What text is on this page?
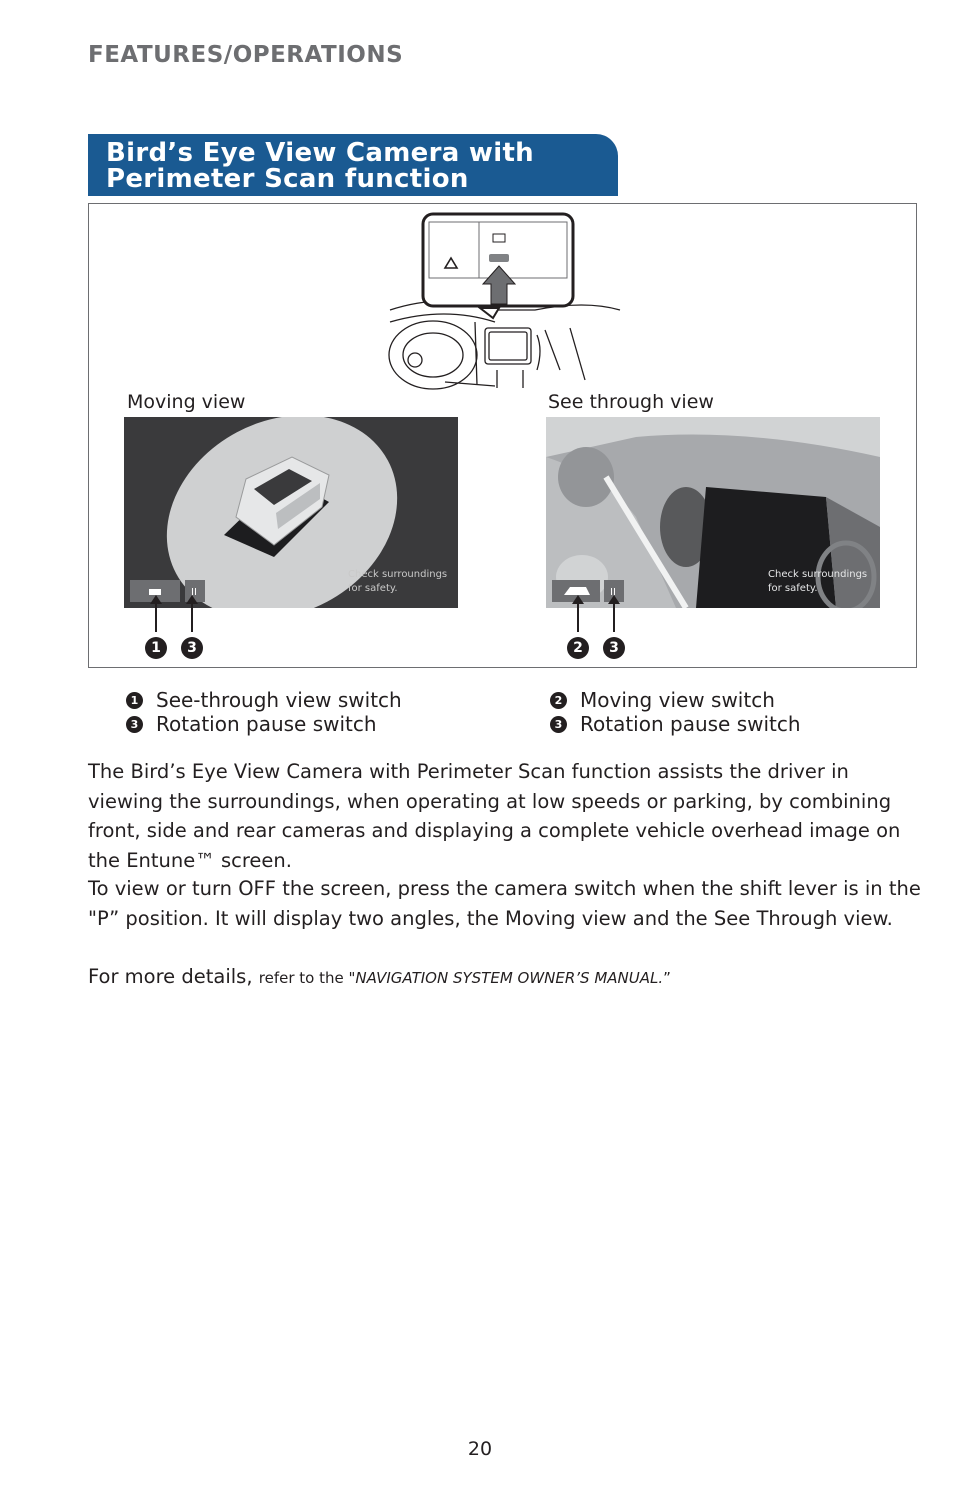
FEATURES/OPERATIONS
Bird’s Eye View Camera with
Perimeter Scan function
Moving view	See through view
II
Check surroundings
for safety.	II
Check surroundings
for safety.
1	3	2	3
1 See-through view switch
3 Rotation pause switch
2 Moving view switch
3 Rotation pause switch
The Bird’s Eye View Camera with Perimeter Scan function assists the driver in viewing the surroundings, when operating at low speeds or parking, by combining front, side and rear cameras and displaying a complete vehicle overhead image on the Entune™ screen.
To view or turn OFF the screen, press the camera switch when the shift lever is in the "P” position. It will display two angles, the Moving view and the See Through view.
For more details, refer to the "NAVIGATION SYSTEM OWNER’S MANUAL.”
20
